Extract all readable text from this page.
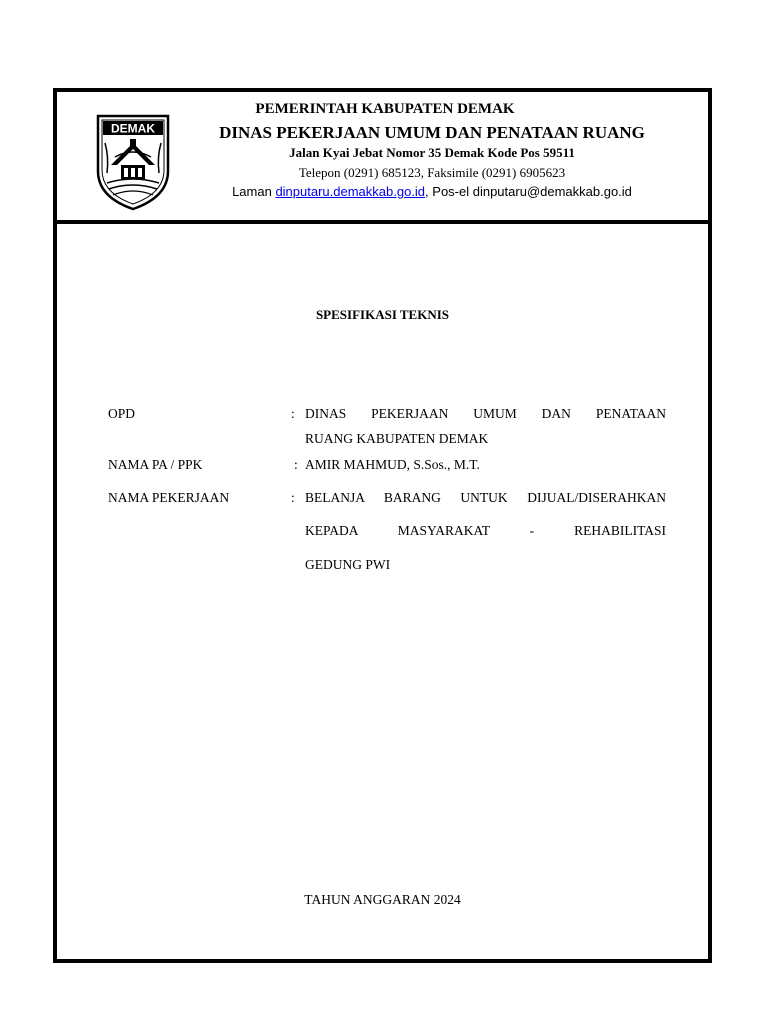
DEMAK
PEMERINTAH KABUPATEN DEMAK
DINAS PEKERJAAN UMUM DAN PENATAAN RUANG
Jalan Kyai Jebat Nomor 35 Demak Kode Pos 59511
Telepon (0291) 685123, Faksimile (0291) 6905623
Laman dinputaru.demakkab.go.id, Pos-el dinputaru@demakkab.go.id
SPESIFIKASI TEKNIS
OPD	: DINAS PEKERJAAN UMUM DAN PENATAAN
RUANG KABUPATEN DEMAK
NAMA PA / PPK	: AMIR MAHMUD, S.Sos., M.T.
NAMA PEKERJAAN	: BELANJA BARANG UNTUK DIJUAL/DISERAHKAN
KEPADA MASYARAKAT - REHABILITASI
GEDUNG PWI
TAHUN ANGGARAN 2024
